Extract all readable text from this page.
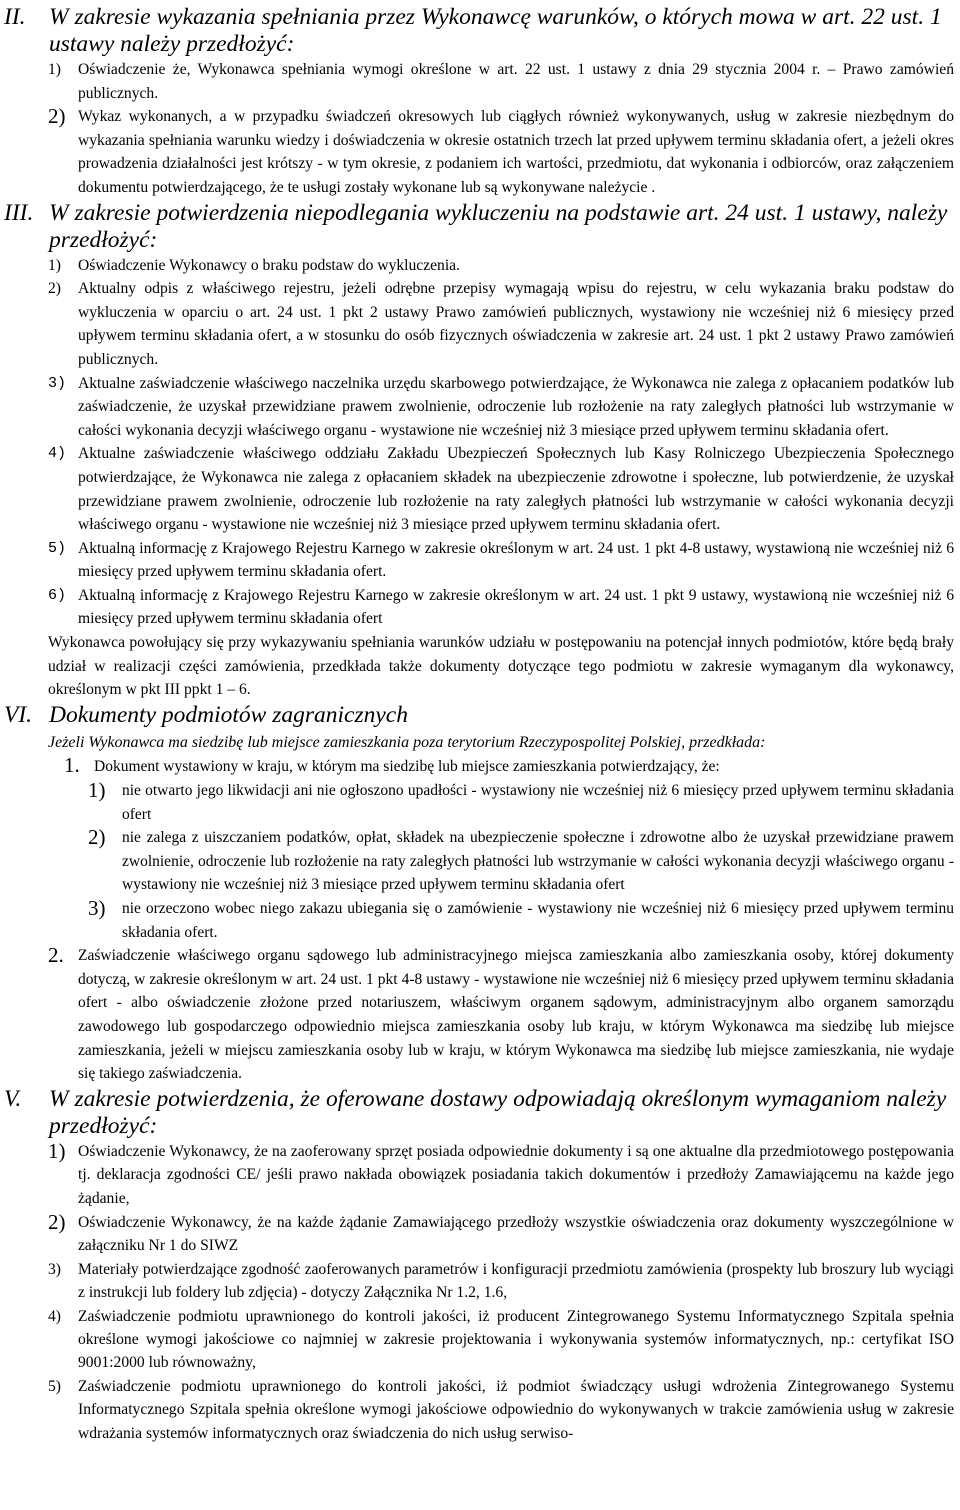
II. W zakresie wykazania spełniania przez Wykonawcę warunków, o których mowa w art. 22 ust. 1 ustawy należy przedłożyć:
1) Oświadczenie że, Wykonawca spełniania wymogi określone w art. 22 ust. 1 ustawy z dnia 29 stycznia 2004 r. – Prawo zamówień publicznych.
2) Wykaz wykonanych, a w przypadku świadczeń okresowych lub ciągłych również wykonywanych, usług w zakresie niezbędnym do wykazania spełniania warunku wiedzy i doświadczenia w okresie ostatnich trzech lat przed upływem terminu składania ofert, a jeżeli okres prowadzenia działalności jest krótszy - w tym okresie, z podaniem ich wartości, przedmiotu, dat wykonania i odbiorców, oraz załączeniem dokumentu potwierdzającego, że te usługi zostały wykonane lub są wykonywane należycie .
III. W zakresie potwierdzenia niepodlegania wykluczeniu na podstawie art. 24 ust. 1 ustawy, należy przedłożyć:
1) Oświadczenie Wykonawcy o braku podstaw do wykluczenia.
2) Aktualny odpis z właściwego rejestru, jeżeli odrębne przepisy wymagają wpisu do rejestru, w celu wykazania braku podstaw do wykluczenia w oparciu o art. 24 ust. 1 pkt 2 ustawy Prawo zamówień publicznych, wystawiony nie wcześniej niż 6 miesięcy przed upływem terminu składania ofert, a w stosunku do osób fizycznych oświadczenia w zakresie art. 24 ust. 1 pkt 2 ustawy Prawo zamówień publicznych.
3) Aktualne zaświadczenie właściwego naczelnika urzędu skarbowego potwierdzające, że Wykonawca nie zalega z opłacaniem podatków lub zaświadczenie, że uzyskał przewidziane prawem zwolnienie, odroczenie lub rozłożenie na raty zaległych płatności lub wstrzymanie w całości wykonania decyzji właściwego organu - wystawione nie wcześniej niż 3 miesiące przed upływem terminu składania ofert.
4) Aktualne zaświadczenie właściwego oddziału Zakładu Ubezpieczeń Społecznych lub Kasy Rolniczego Ubezpieczenia Społecznego potwierdzające, że Wykonawca nie zalega z opłacaniem składek na ubezpieczenie zdrowotne i społeczne, lub potwierdzenie, że uzyskał przewidziane prawem zwolnienie, odroczenie lub rozłożenie na raty zaległych płatności lub wstrzymanie w całości wykonania decyzji właściwego organu - wystawione nie wcześniej niż 3 miesiące przed upływem terminu składania ofert.
5) Aktualną informację z Krajowego Rejestru Karnego w zakresie określonym w art. 24 ust. 1 pkt 4-8 ustawy, wystawioną nie wcześniej niż 6 miesięcy przed upływem terminu składania ofert.
6) Aktualną informację z Krajowego Rejestru Karnego w zakresie określonym w art. 24 ust. 1 pkt 9 ustawy, wystawioną nie wcześniej niż 6 miesięcy przed upływem terminu składania ofert
Wykonawca powołujący się przy wykazywaniu spełniania warunków udziału w postępowaniu na potencjał innych podmiotów, które będą brały udział w realizacji części zamówienia, przedkłada także dokumenty dotyczące tego podmiotu w zakresie wymaganym dla wykonawcy, określonym w pkt III ppkt 1 – 6.
VI. Dokumenty podmiotów zagranicznych
Jeżeli Wykonawca ma siedzibę lub miejsce zamieszkania poza terytorium Rzeczypospolitej Polskiej, przedkłada:
1. Dokument wystawiony w kraju, w którym ma siedzibę lub miejsce zamieszkania potwierdzający, że:
1) nie otwarto jego likwidacji ani nie ogłoszono upadłości - wystawiony nie wcześniej niż 6 miesięcy przed upływem terminu składania ofert
2) nie zalega z uiszczaniem podatków, opłat, składek na ubezpieczenie społeczne i zdrowotne albo że uzyskał przewidziane prawem zwolnienie, odroczenie lub rozłożenie na raty zaległych płatności lub wstrzymanie w całości wykonania decyzji właściwego organu - wystawiony nie wcześniej niż 3 miesiące przed upływem terminu składania ofert
3) nie orzeczono wobec niego zakazu ubiegania się o zamówienie - wystawiony nie wcześniej niż 6 miesięcy przed upływem terminu składania ofert.
2. Zaświadczenie właściwego organu sądowego lub administracyjnego miejsca zamieszkania albo zamieszkania osoby, której dokumenty dotyczą, w zakresie określonym w art. 24 ust. 1 pkt 4-8 ustawy - wystawione nie wcześniej niż 6 miesięcy przed upływem terminu składania ofert - albo oświadczenie złożone przed notariuszem, właściwym organem sądowym, administracyjnym albo organem samorządu zawodowego lub gospodarczego odpowiednio miejsca zamieszkania osoby lub kraju, w którym Wykonawca ma siedzibę lub miejsce zamieszkania, jeżeli w miejscu zamieszkania osoby lub w kraju, w którym Wykonawca ma siedzibę lub miejsce zamieszkania, nie wydaje się takiego zaświadczenia.
V. W zakresie potwierdzenia, że oferowane dostawy odpowiadają określonym wymaganiom należy przedłożyć:
1) Oświadczenie Wykonawcy, że na zaoferowany sprzęt posiada odpowiednie dokumenty i są one aktualne dla przedmiotowego postępowania tj. deklaracja zgodności CE/ jeśli prawo nakłada obowiązek posiadania takich dokumentów i przedłoży Zamawiającemu na każde jego żądanie,
2) Oświadczenie Wykonawcy, że na każde żądanie Zamawiającego przedłoży wszystkie oświadczenia oraz dokumenty wyszczególnione w załączniku Nr 1 do SIWZ
3) Materiały potwierdzające zgodność zaoferowanych parametrów i konfiguracji przedmiotu zamówienia (prospekty lub broszury lub wyciągi z instrukcji lub foldery lub zdjęcia) - dotyczy Załącznika Nr 1.2, 1.6,
4) Zaświadczenie podmiotu uprawnionego do kontroli jakości, iż producent Zintegrowanego Systemu Informatycznego Szpitala spełnia określone wymogi jakościowe co najmniej w zakresie projektowania i wykonywania systemów informatycznych, np.: certyfikat ISO 9001:2000 lub równoważny,
5) Zaświadczenie podmiotu uprawnionego do kontroli jakości, iż podmiot świadczący usługi wdrożenia Zintegrowanego Systemu Informatycznego Szpitala spełnia określone wymogi jakościowe odpowiednio do wykonywanych w trakcie zamówienia usług w zakresie wdrażania systemów informatycznych oraz świadczenia do nich usług serwiso-
